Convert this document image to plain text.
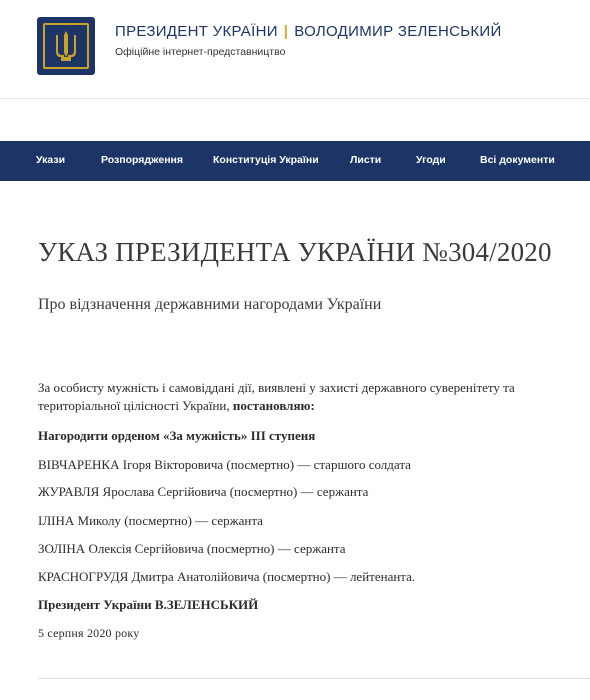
ПРЕЗИДЕНТ УКРАЇНИ | ВОЛОДИМИР ЗЕЛЕНСЬКИЙ
Офіційне інтернет-представництво
Укази	Розпорядження	Конституція України	Листи	Угоди	Всі документи
УКАЗ ПРЕЗИДЕНТА УКРАЇНИ №304/2020
Про відзначення державними нагородами України
За особисту мужність і самовіддані дії, виявлені у захисті державного суверенітету та
територіальної цілісності України, постановляю:
Нагородити орденом «За мужність» III ступеня
ВІВЧАРЕНКА Ігоря Вікторовича (посмертно) — старшого солдата
ЖУРАВЛЯ Ярослава Сергійовича (посмертно) — сержанта
ІЛІНА Миколу (посмертно) — сержанта
ЗОЛІНА Олексія Сергійовича (посмертно) — сержанта
КРАСНОГРУДЯ Дмитра Анатолійовича (посмертно) — лейтенанта.
Президент України В.ЗЕЛЕНСЬКИЙ
5 серпня 2020 року
